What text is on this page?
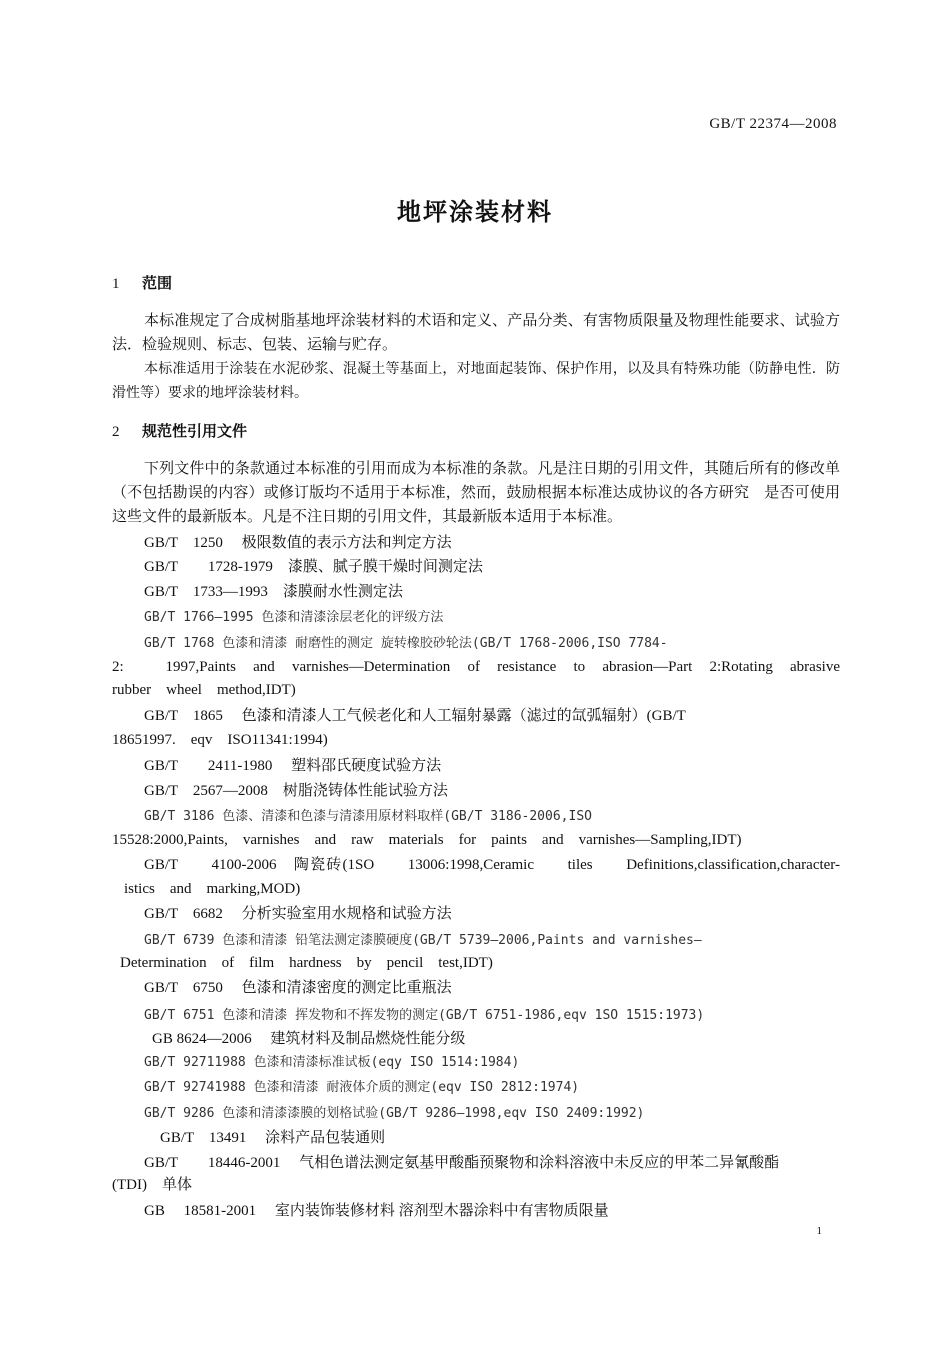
GB/T 22374—2008
地坪涂装材料
1 范围
本标准规定了合成树脂基地坪涂装材料的术语和定义、产品分类、有害物质限量及物理性能要求、试验方法．检验规则、标志、包装、运输与贮存。
本标准适用于涂装在水泥砂浆、混凝土等基面上，对地面起装饰、保护作用，以及具有特殊功能（防静电性．防滑性等）要求的地坪涂装材料。
2 规范性引用文件
下列文件中的条款通过本标准的引用而成为本标准的条款。凡是注日期的引用文件，其随后所有的修改单（不包括勘误的内容）或修订版均不适用于本标准，然而，鼓励根据本标准达成协议的各方研究　是否可使用这些文件的最新版本。凡是不注日期的引用文件，其最新版本适用于本标准。
GB/T　1250　 极限数值的表示方法和判定方法
GB/T　　1728-1979　漆膜、腻子膜干燥时间测定法
GB/T　1733—1993　漆膜耐水性测定法
GB/T 1766—1995 色漆和清漆涂层老化的评级方法
GB/T 1768 色漆和清漆 耐磨性的测定 旋转橡胶砂轮法(GB/T 1768-2006,ISO 7784-
2:　1997,Paints and varnishes—Determination of resistance to abrasion—Part 2:Rotating abrasive
rubber　wheel　method,IDT)
GB/T　1865　 色漆和清漆人工气候老化和人工辐射暴露（滤过的氙弧辐射）(GB/T
18651997.　eqv　ISO11341:1994)
GB/T　　2411-1980　 塑料邵氏硬度试验方法
GB/T　2567—2008　树脂浇铸体性能试验方法
GB/T 3186 色漆、清漆和色漆与清漆用原材料取样(GB/T 3186-2006,ISO
15528:2000,Paints,　varnishes　and　raw　materials　for　paints　and　varnishes—Sampling,IDT)
GB/T　　4100-2006　陶瓷砖(1SO　　13006:1998,Ceramic　　tiles　　Definitions,classification,character-
istics　and　marking,MOD)
GB/T　6682　 分析实验室用水规格和试验方法
GB/T 6739 色漆和清漆 铅笔法测定漆膜硬度(GB/T 5739—2006,Paints and varnishes—
Determination　of　film　hardness　by　pencil　test,IDT)
GB/T　6750　 色漆和清漆密度的测定比重瓶法
GB/T 6751 色漆和清漆 挥发物和不挥发物的测定(GB/T 6751-1986,eqv 1SO 1515:1973)
GB 8624—2006　 建筑材料及制品燃烧性能分级
GB/T 92711988 色漆和清漆标准试板(eqy ISO 1514:1984)
GB/T 92741988 色漆和清漆 耐液体介质的测定(eqv ISO 2812:1974)
GB/T 9286 色漆和清漆漆膜的划格试验(GB/T 9286—1998,eqv ISO 2409:1992)
GB/T　13491　 涂料产品包装通则
GB/T　　18446-2001　 气相色谱法测定氨基甲酸酯预聚物和涂料溶液中未反应的甲苯二异氰酸酯
(TDI)　单体
GB　 18581-2001　 室内装饰装修材料 溶剂型木器涂料中有害物质限量
1
